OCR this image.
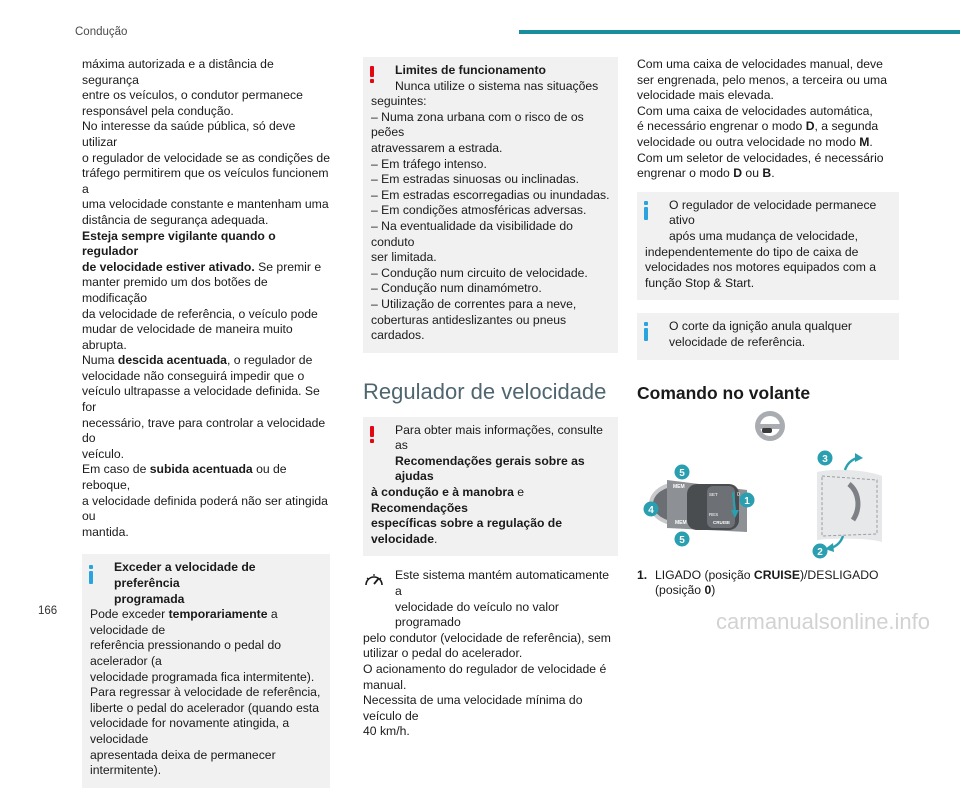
Condução
máxima autorizada e a distância de segurança
entre os veículos, o condutor permanece
responsável pela condução.
No interesse da saúde pública, só deve utilizar
o regulador de velocidade se as condições de
tráfego permitirem que os veículos funcionem a
uma velocidade constante e mantenham uma
distância de segurança adequada.
Esteja sempre vigilante quando o regulador
de velocidade estiver ativado. Se premir e
manter premido um dos botões de modificação
da velocidade de referência, o veículo pode
mudar de velocidade de maneira muito abrupta.
Numa descida acentuada, o regulador de
velocidade não conseguirá impedir que o
veículo ultrapasse a velocidade definida. Se for
necessário, trave para controlar a velocidade do
veículo.
Em caso de subida acentuada ou de reboque,
a velocidade definida poderá não ser atingida ou
mantida.
Exceder a velocidade de preferência
programada
Pode exceder temporariamente a velocidade de
referência pressionando o pedal do acelerador (a
velocidade programada fica intermitente).
Para regressar à velocidade de referência,
liberte o pedal do acelerador (quando esta
velocidade for novamente atingida, a velocidade
apresentada deixa de permanecer intermitente).
Limites de funcionamento
Nunca utilize o sistema nas situações
seguintes:
– Numa zona urbana com o risco de os peões
atravessarem a estrada.
– Em tráfego intenso.
– Em estradas sinuosas ou inclinadas.
– Em estradas escorregadias ou inundadas.
– Em condições atmosféricas adversas.
– Na eventualidade da visibilidade do conduto
ser limitada.
– Condução num circuito de velocidade.
– Condução num dinamómetro.
– Utilização de correntes para a neve,
coberturas antideslizantes ou pneus cardados.
Regulador de velocidade
Para obter mais informações, consulte as
Recomendações gerais sobre as ajudas
à condução e à manobra e Recomendações
específicas sobre a regulação de velocidade.
Este sistema mantém automaticamente a
velocidade do veículo no valor programado
pelo condutor (velocidade de referência), sem
utilizar o pedal do acelerador.
O acionamento do regulador de velocidade é
manual.
Necessita de uma velocidade mínima do veículo de
40 km/h.
Com uma caixa de velocidades manual, deve
ser engrenada, pelo menos, a terceira ou uma
velocidade mais elevada.
Com uma caixa de velocidades automática,
é necessário engrenar o modo D, a segunda
velocidade ou outra velocidade no modo M.
Com um seletor de velocidades, é necessário
engrenar o modo D ou B.
O regulador de velocidade permanece ativo
após uma mudança de velocidade,
independentemente do tipo de caixa de
velocidades nos motores equipados com a
função Stop & Start.
O corte da ignição anula qualquer
velocidade de referência.
Comando no volante
MEM
SET
RES
CRUISE
MEM
0
5
4
1
5
3
2
1. LIGADO (posição CRUISE)/DESLIGADO
(posição 0)
166	carmanualsonline.info
